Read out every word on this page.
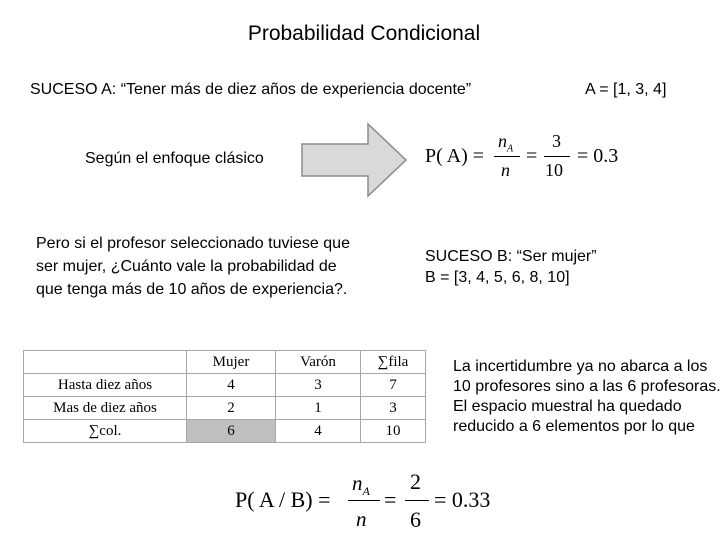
Probabilidad Condicional
SUCESO A: “Tener más de diez años de experiencia docente”	A = [1, 3, 4]
Según el enfoque clásico	P( A) =
$n_A$
n
=
3
10
= 0.3
Pero si el profesor seleccionado tuviese que ser mujer, ¿Cuánto vale la probabilidad de que tenga más de 10 años de experiencia?.
SUCESO B: “Ser mujer”
B = [3, 4, 5, 6, 8, 10]
	Mujer	Varón	∑fila
Hasta diez años	4	3	7
Mas de diez años	2	1	3
∑col.	6	4	10
La incertidumbre ya no abarca a los 10 profesores sino a las 6 profesoras. El espacio muestral ha quedado reducido a 6 elementos por lo que
P( A / B) =
$n_A$
n
=
2
6
= 0.33
